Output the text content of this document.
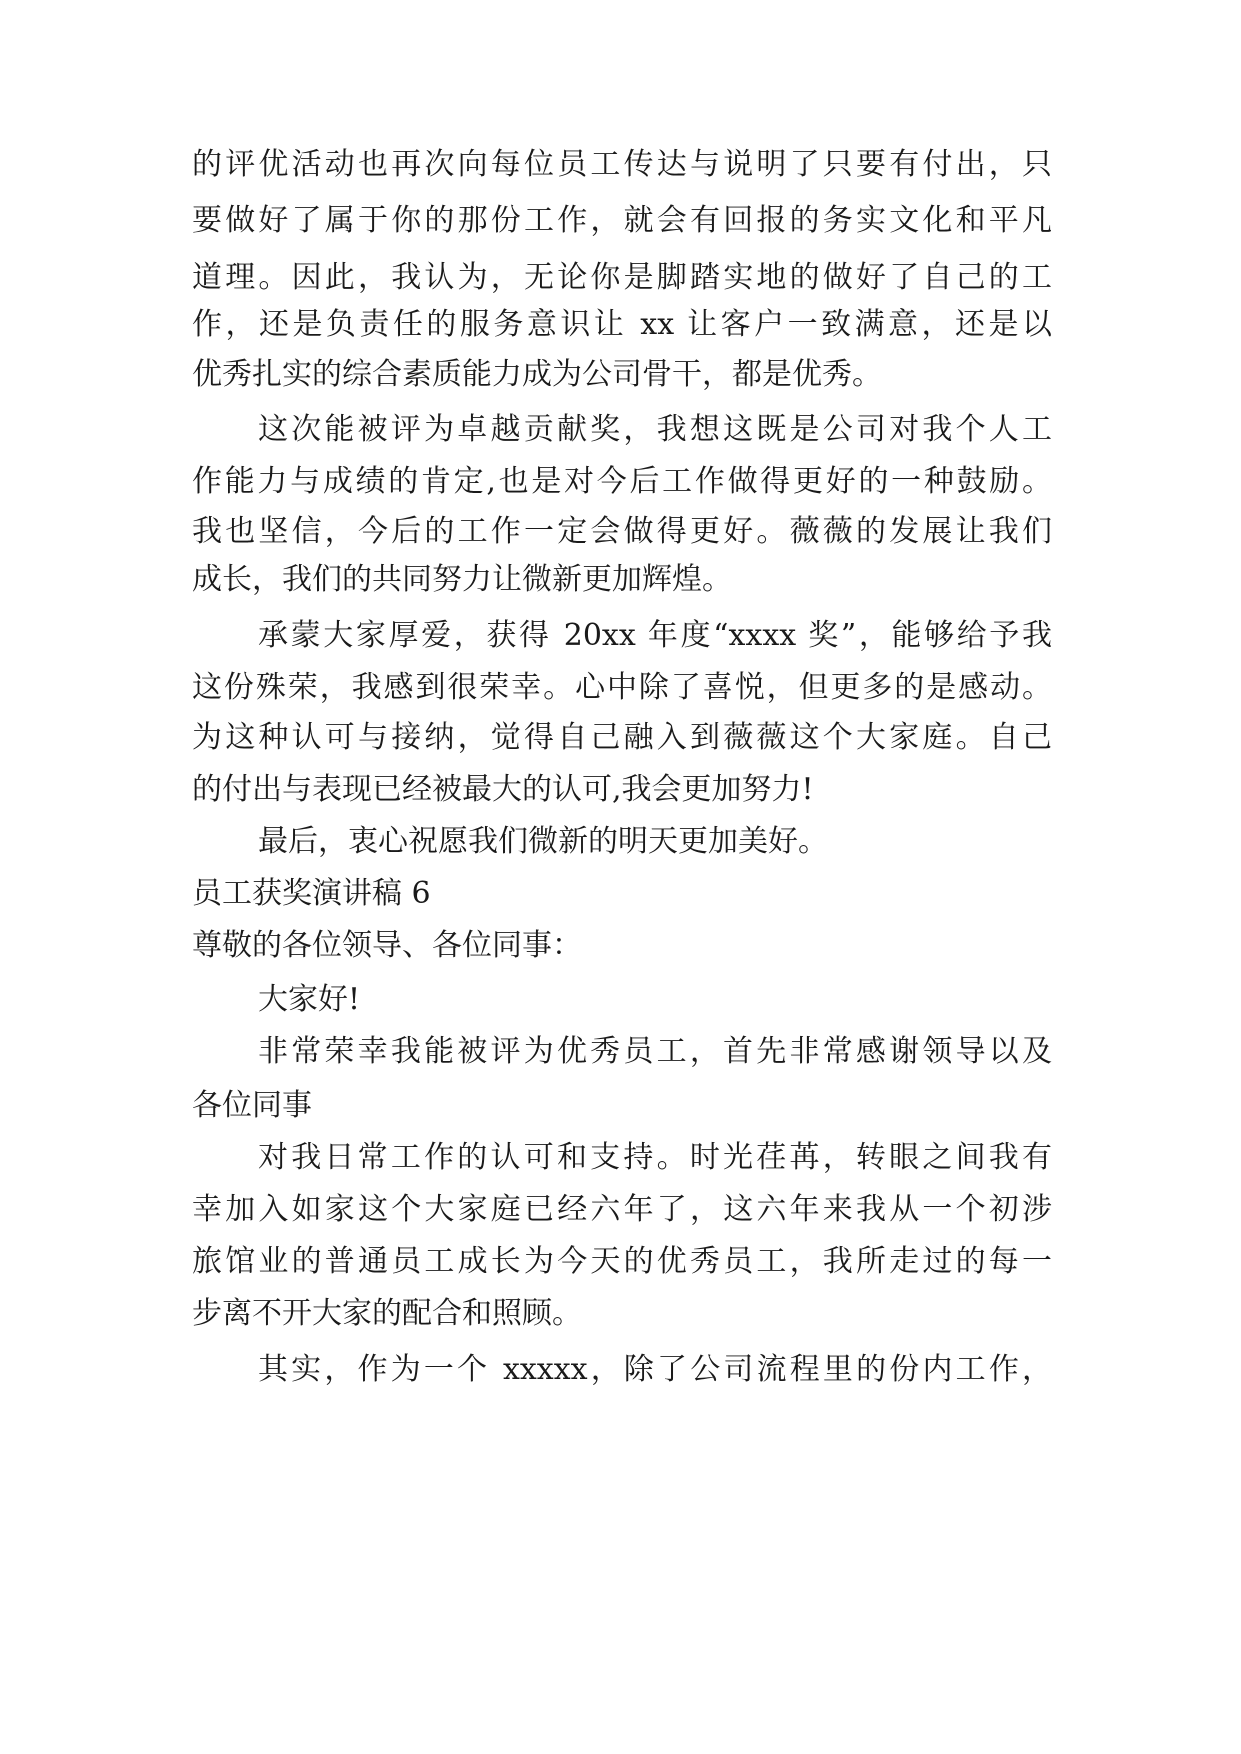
的评优活动也再次向每位员工传达与说明了只要有付出，只

要做好了属于你的那份工作，就会有回报的务实文化和平凡

道理。因此，我认为，无论你是脚踏实地的做好了自己的工

作，还是负责任的服务意识让 xx 让客户一致满意，还是以

优秀扎实的综合素质能力成为公司骨干，都是优秀。

这次能被评为卓越贡献奖，我想这既是公司对我个人工

作能力与成绩的肯定,也是对今后工作做得更好的一种鼓励。

我也坚信，今后的工作一定会做得更好。薇薇的发展让我们

成长，我们的共同努力让微新更加辉煌。

承蒙大家厚爱，获得 20xx 年度“xxxx 奖”，能够给予我

这份殊荣，我感到很荣幸。心中除了喜悦，但更多的是感动。

为这种认可与接纳，觉得自己融入到薇薇这个大家庭。自己

的付出与表现已经被最大的认可,我会更加努力!

最后，衷心祝愿我们微新的明天更加美好。

员工获奖演讲稿 6

尊敬的各位领导、各位同事：

大家好!

非常荣幸我能被评为优秀员工，首先非常感谢领导以及

各位同事

对我日常工作的认可和支持。时光荏苒，转眼之间我有

幸加入如家这个大家庭已经六年了，这六年来我从一个初涉

旅馆业的普通员工成长为今天的优秀员工，我所走过的每一

步离不开大家的配合和照顾。

其实，作为一个 xxxxx，除了公司流程里的份内工作，
